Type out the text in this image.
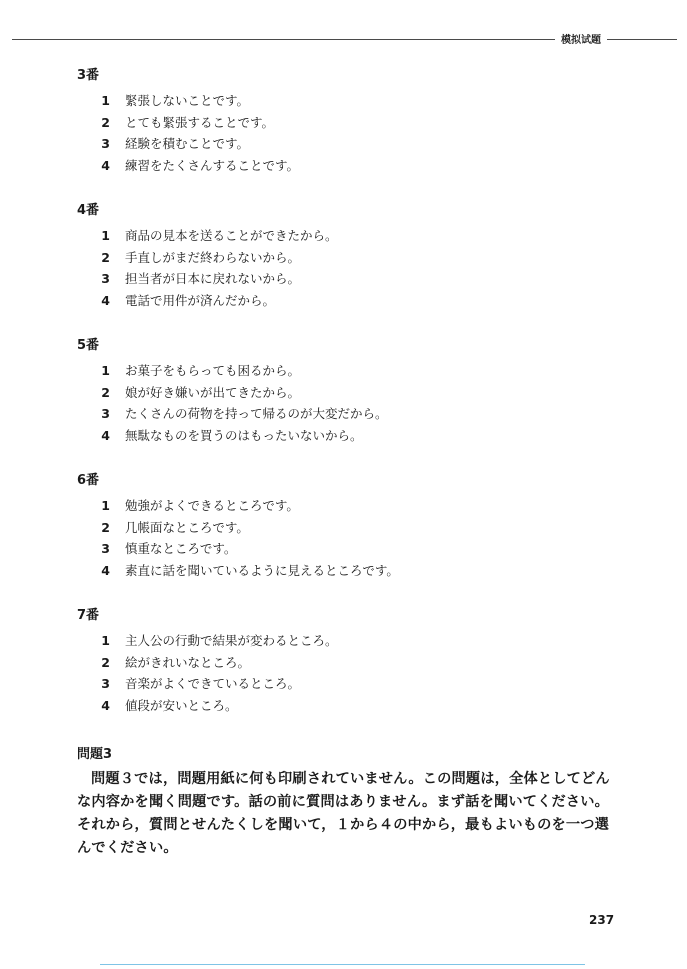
模拟试题
3番
1	緊張しないことです。
2	とても緊張することです。
3	経験を積むことです。
4	練習をたくさんすることです。
4番
1	商品の見本を送ることができたから。
2	手直しがまだ終わらないから。
3	担当者が日本に戻れないから。
4	電話で用件が済んだから。
5番
1	お菓子をもらっても困るから。
2	娘が好き嫌いが出てきたから。
3	たくさんの荷物を持って帰るのが大変だから。
4	無駄なものを買うのはもったいないから。
6番
1	勉強がよくできるところです。
2	几帳面なところです。
3	慎重なところです。
4	素直に話を聞いているように見えるところです。
7番
1	主人公の行動で結果が変わるところ。
2	絵がきれいなところ。
3	音楽がよくできているところ。
4	値段が安いところ。
問題3
問題３では，問題用紙に何も印刷されていません。この問題は，全体としてどんな内容かを聞く問題です。話の前に質問はありません。まず話を聞いてください。それから，質問とせんたくしを聞いて，１から４の中から，最もよいものを一つ選んでください。
237
